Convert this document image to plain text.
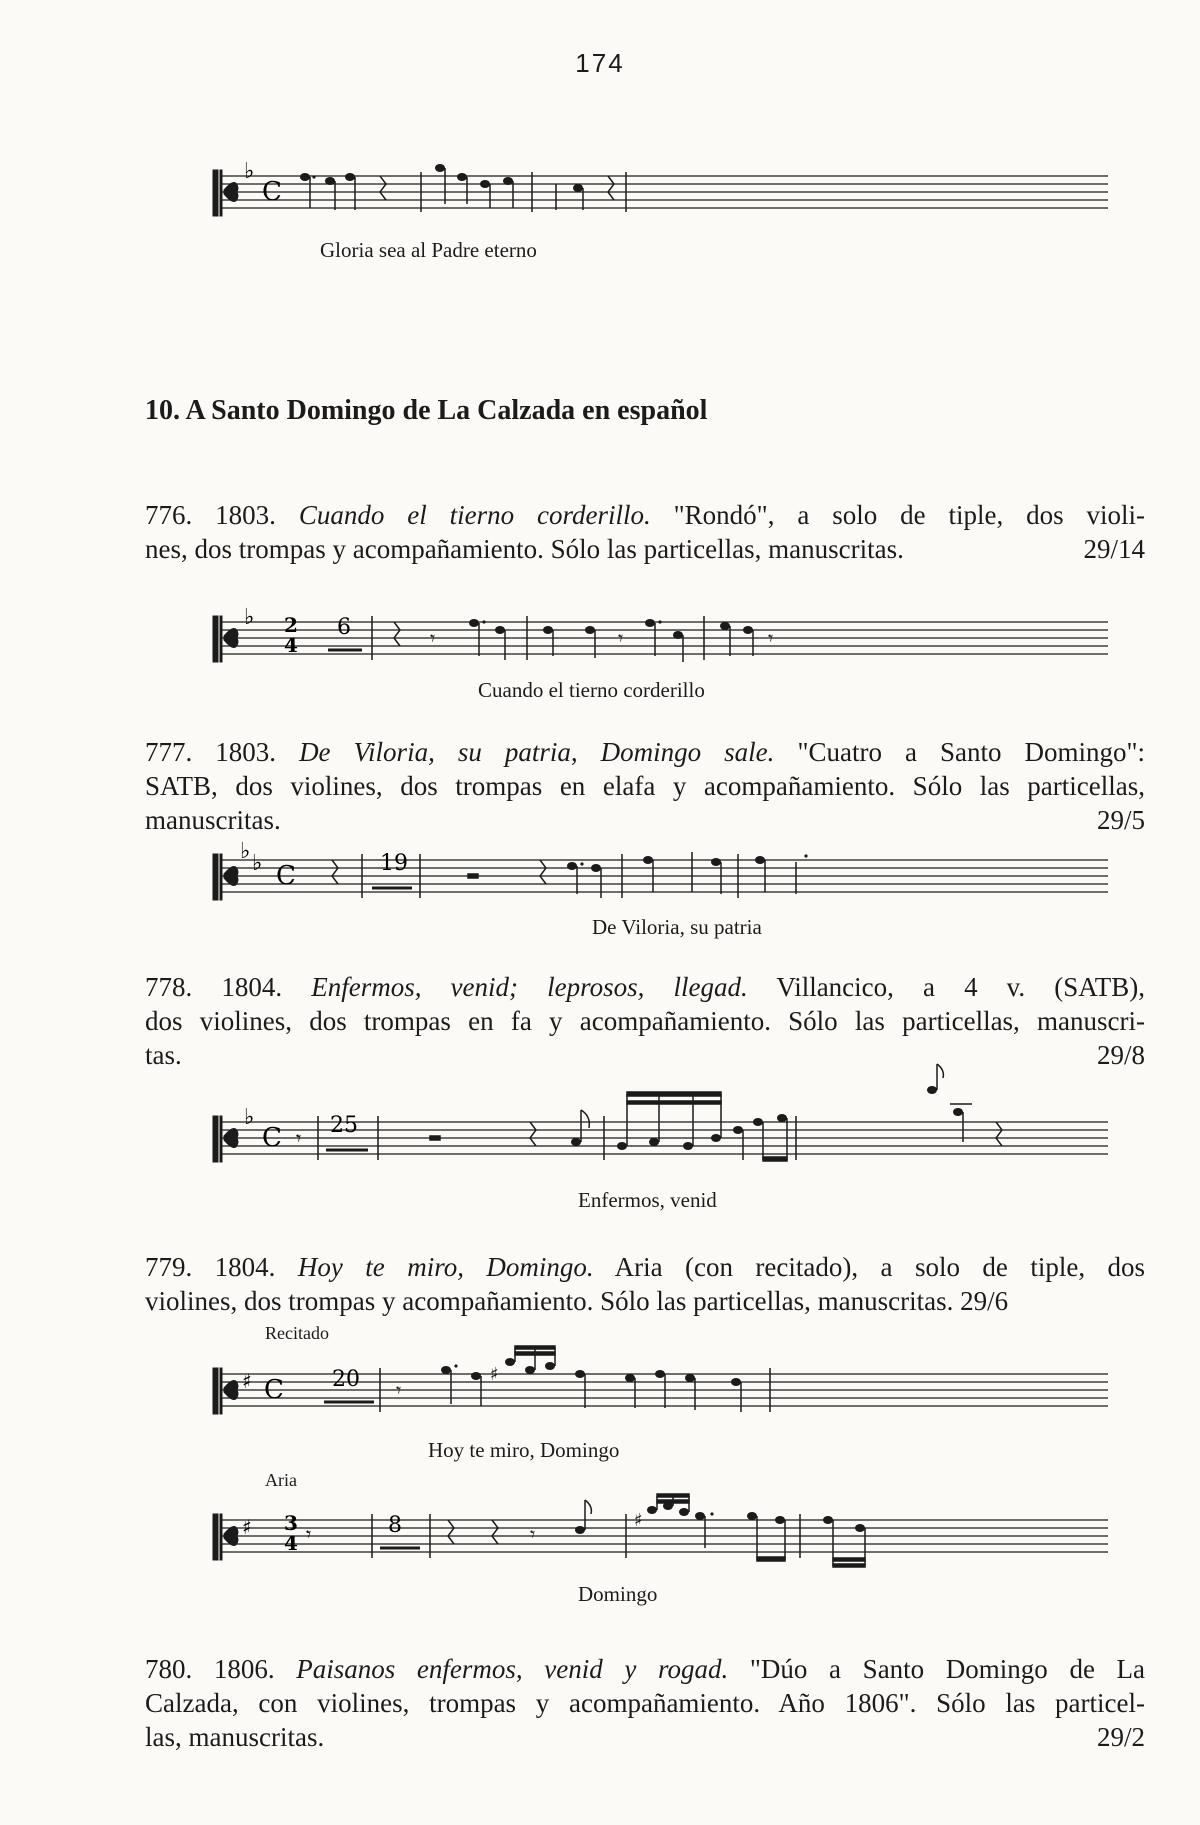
174
♭
C
Gloria sea al Padre eterno
10. A Santo Domingo de La Calzada en español
776. 1803. Cuando el tierno corderillo. "Rondó", a solo de tiple, dos violi-
nes, dos trompas y acompañamiento. Sólo las particellas, manuscritas.	29/14
♭ 2
4
6	𝄾	𝄾	𝄾
Cuando el tierno corderillo
777. 1803. De Viloria, su patria, Domingo sale. "Cuatro a Santo Domingo":
SATB, dos violines, dos trompas en elafa y acompañamiento. Sólo las particellas,
manuscritas.	29/5
♭ ♭ C	19
De Viloria, su patria
778. 1804. Enfermos, venid; leprosos, llegad. Villancico, a 4 v. (SATB),
dos violines, dos trompas en fa y acompañamiento. Sólo las particellas, manuscri-
tas.	29/8
♭
C 𝄾 25
Enfermos, venid
779. 1804. Hoy te miro, Domingo. Aria (con recitado), a solo de tiple, dos
violines, dos trompas y acompañamiento. Sólo las particellas, manuscritas. 29/6
Recitado
♯ C 20 𝄾
♯
Hoy te miro, Domingo
Aria
♯ 3
4 𝄾	8	𝄾
♯
Domingo
780. 1806. Paisanos enfermos, venid y rogad. "Dúo a Santo Domingo de La
Calzada, con violines, trompas y acompañamiento. Año 1806". Sólo las particel-
las, manuscritas.	29/2
